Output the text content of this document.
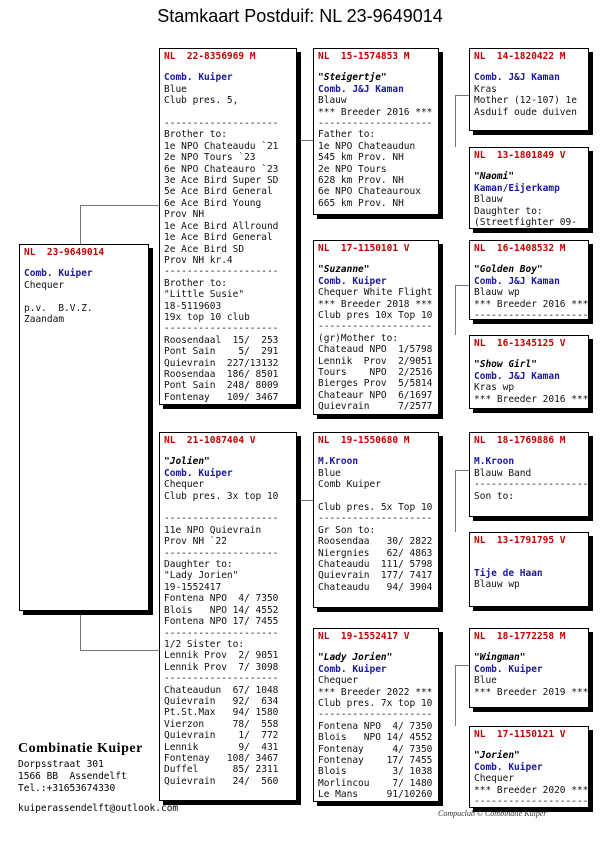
Stamkaart Postduif: NL 23-9649014
NL  23-9649014
Comb. Kuiper
Chequer

p.v.  B.V.Z.
Zaandam
NL  22-8356969 M
Comb. Kuiper
Blue
Club pres. 5,

--------------------
Brother to:
1e NPO Chateaudu `21
2e NPO Tours `23
6e NPO Chateauro `23
3e Ace Bird Super SD
5e Ace Bird General
6e Ace Bird Young
Prov NH
1e Ace Bird Allround
1e Ace Bird General
2e Ace Bird SD
Prov NH kr.4
--------------------
Brother to:
"Little Susie"
18-5119603
19x top 10 club
--------------------
Roosendaal  15/  253
Pont Sain    5/  291
Quievrain  227/13132
Roosendaa  186/ 8501
Pont Sain  248/ 8009
Fontenay   109/ 3467
NL  21-1087404 V
"Jolien"
Comb. Kuiper
Chequer
Club pres. 3x top 10

--------------------
11e NPO Quievrain
Prov NH `22
--------------------
Daughter to:
"Lady Jorien"
19-1552417
Fontena NPO  4/ 7350
Blois   NPO 14/ 4552
Fontena NPO 17/ 7455
--------------------
1/2 Sister to:
Lennik Prov  2/ 9051
Lennik Prov  7/ 3098
--------------------
Chateaudun  67/ 1048
Quievrain   92/  634
Pt.St.Max   94/ 1580
Vierzon     78/  558
Quievrain    1/  772
Lennik       9/  431
Fontenay   108/ 3467
Duffel      85/ 2311
Quievrain   24/  560
NL  15-1574853 M
"Steigertje"
Comb. J&J Kaman
Blauw
*** Breeder 2016 ***
--------------------
Father to:
1e NPO Chateaudun
545 km Prov. NH
2e NPO Tours
628 km Prov. NH
6e NPO Chateauroux
665 km Prov. NH
NL  17-1150101 V
"Suzanne"
Comb. Kuiper
Chequer White Flight
*** Breeder 2018 ***
Club pres 10x Top 10
--------------------
(gr)Mother to:
Chateaud NPO  1/5798
Lennik  Prov  2/9051
Tours    NPO  2/2516
Bierges Prov  5/5814
Chateaur NPO  6/1697
Quievrain     7/2577
NL  19-1550680 M
M.Kroon
Blue
Comb Kuiper

Club pres. 5x Top 10
--------------------
Gr Son to:
Roosendaa   30/ 2822
Niergnies   62/ 4863
Chateaudu  111/ 5798
Quievrain  177/ 7417
Chateaudu   94/ 3904
NL  19-1552417 V
"Lady Jorien"
Comb. Kuiper
Chequer
*** Breeder 2022 ***
Club pres. 7x top 10
--------------------
Fontena NPO  4/ 7350
Blois   NPO 14/ 4552
Fontenay     4/ 7350
Fontenay    17/ 7455
Blois        3/ 1038
Morlincou    7/ 1480
Le Mans     91/10260
NL  14-1820422 M
Comb. J&J Kaman
Kras
Mother (12-107) 1e
Asduif oude duiven
NL  13-1801849 V
"Naomi"
Kaman/Eijerkamp
Blauw
Daughter to:
(Streetfighter 09-
NL  16-1408532 M
"Golden Boy"
Comb. J&J Kaman
Blauw wp
*** Breeder 2016 ***
--------------------
NL  16-1345125 V
"Show Girl"
Comb. J&J Kaman
Kras wp
*** Breeder 2016 ***
--------------------
NL  18-1769886 M
M.Kroon
Blauw Band
--------------------
Son to:
NL  13-1791795 V

Tije de Haan
Blauw wp
NL  18-1772258 M
"Wingman"
Comb. Kuiper
Blue
*** Breeder 2019 ***
NL  17-1150121 V
"Jorien"
Comb. Kuiper
Chequer
*** Breeder 2020 ***
--------------------
Combinatie Kuiper
Dorpsstraat 301
1566 BB  Assendelft
Tel.:+31653674330
kuiperassendelft@outlook.com	Compuclub © Combinatie Kuiper
